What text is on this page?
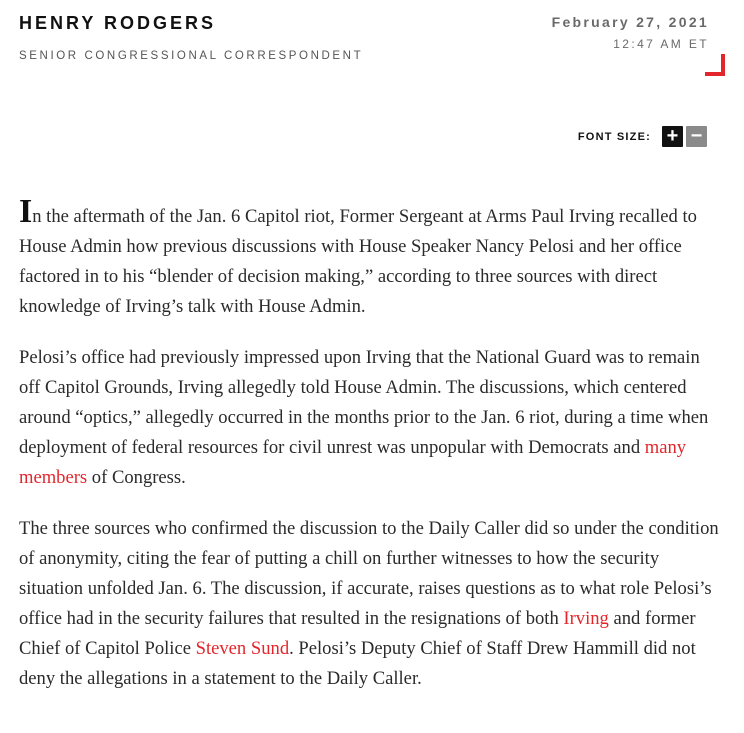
HENRY RODGERS
SENIOR CONGRESSIONAL CORRESPONDENT
February 27, 2021
12:47 AM ET
FONT SIZE: + −

In the aftermath of the Jan. 6 Capitol riot, Former Sergeant at Arms Paul Irving recalled to House Admin how previous discussions with House Speaker Nancy Pelosi and her office factored in to his “blender of decision making,” according to three sources with direct knowledge of Irving’s talk with House Admin.

Pelosi’s office had previously impressed upon Irving that the National Guard was to remain off Capitol Grounds, Irving allegedly told House Admin. The discussions, which centered around “optics,” allegedly occurred in the months prior to the Jan. 6 riot, during a time when deployment of federal resources for civil unrest was unpopular with Democrats and many members of Congress.

The three sources who confirmed the discussion to the Daily Caller did so under the condition of anonymity, citing the fear of putting a chill on further witnesses to how the security situation unfolded Jan. 6. The discussion, if accurate, raises questions as to what role Pelosi’s office had in the security failures that resulted in the resignations of both Irving and former Chief of Capitol Police Steven Sund. Pelosi’s Deputy Chief of Staff Drew Hammill did not deny the allegations in a statement to the Daily Caller.
